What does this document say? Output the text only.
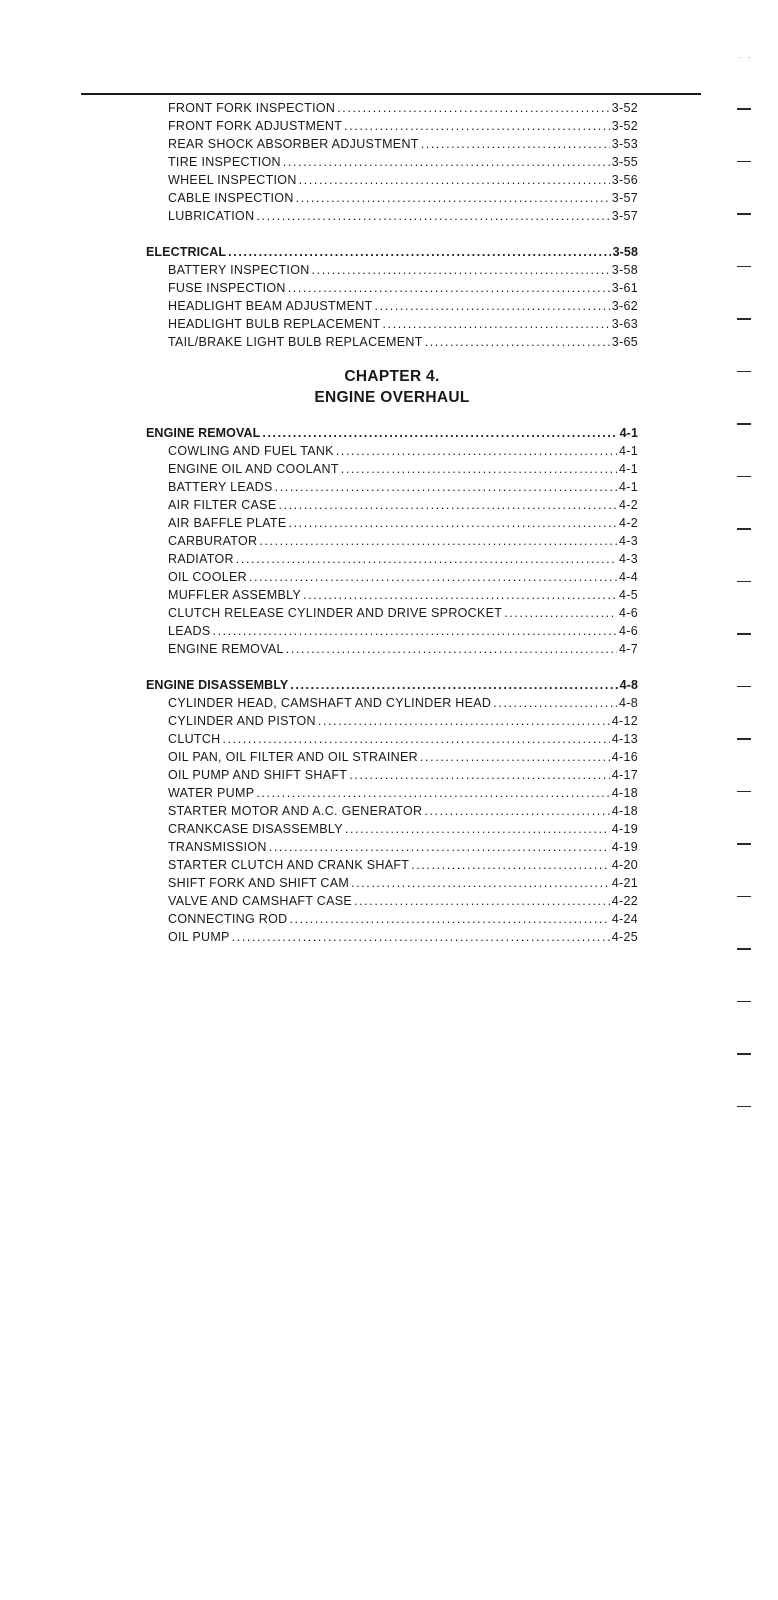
· ·
FRONT FORK INSPECTION .....	3-52
FRONT FORK ADJUSTMENT .....	3-52
REAR SHOCK ABSORBER ADJUSTMENT .....	3-53
TIRE INSPECTION .....	3-55
WHEEL INSPECTION .....	3-56
CABLE INSPECTION .....	3-57
LUBRICATION .....	3-57
ELECTRICAL .....	3-58
BATTERY INSPECTION .....	3-58
FUSE INSPECTION .....	3-61
HEADLIGHT BEAM ADJUSTMENT .....	3-62
HEADLIGHT BULB REPLACEMENT .....	3-63
TAIL/BRAKE LIGHT BULB REPLACEMENT .....	3-65
CHAPTER 4.
ENGINE OVERHAUL
ENGINE REMOVAL .....	4-1
COWLING AND FUEL TANK .....	4-1
ENGINE OIL AND COOLANT .....	4-1
BATTERY LEADS .....	4-1
AIR FILTER CASE .....	4-2
AIR BAFFLE PLATE .....	4-2
CARBURATOR .....	4-3
RADIATOR .....	4-3
OIL COOLER .....	4-4
MUFFLER ASSEMBLY .....	4-5
CLUTCH RELEASE CYLINDER AND DRIVE SPROCKET .....	4-6
LEADS .....	4-6
ENGINE REMOVAL .....	4-7
ENGINE DISASSEMBLY .....	4-8
CYLINDER HEAD, CAMSHAFT AND CYLINDER HEAD .....	4-8
CYLINDER AND PISTON .....	4-12
CLUTCH .....	4-13
OIL PAN, OIL FILTER AND OIL STRAINER .....	4-16
OIL PUMP AND SHIFT SHAFT .....	4-17
WATER PUMP .....	4-18
STARTER MOTOR AND A.C. GENERATOR .....	4-18
CRANKCASE DISASSEMBLY .....	4-19
TRANSMISSION .....	4-19
STARTER CLUTCH AND CRANK SHAFT .....	4-20
SHIFT FORK AND SHIFT CAM .....	4-21
VALVE AND CAMSHAFT CASE .....	4-22
CONNECTING ROD .....	4-24
OIL PUMP .....	4-25
